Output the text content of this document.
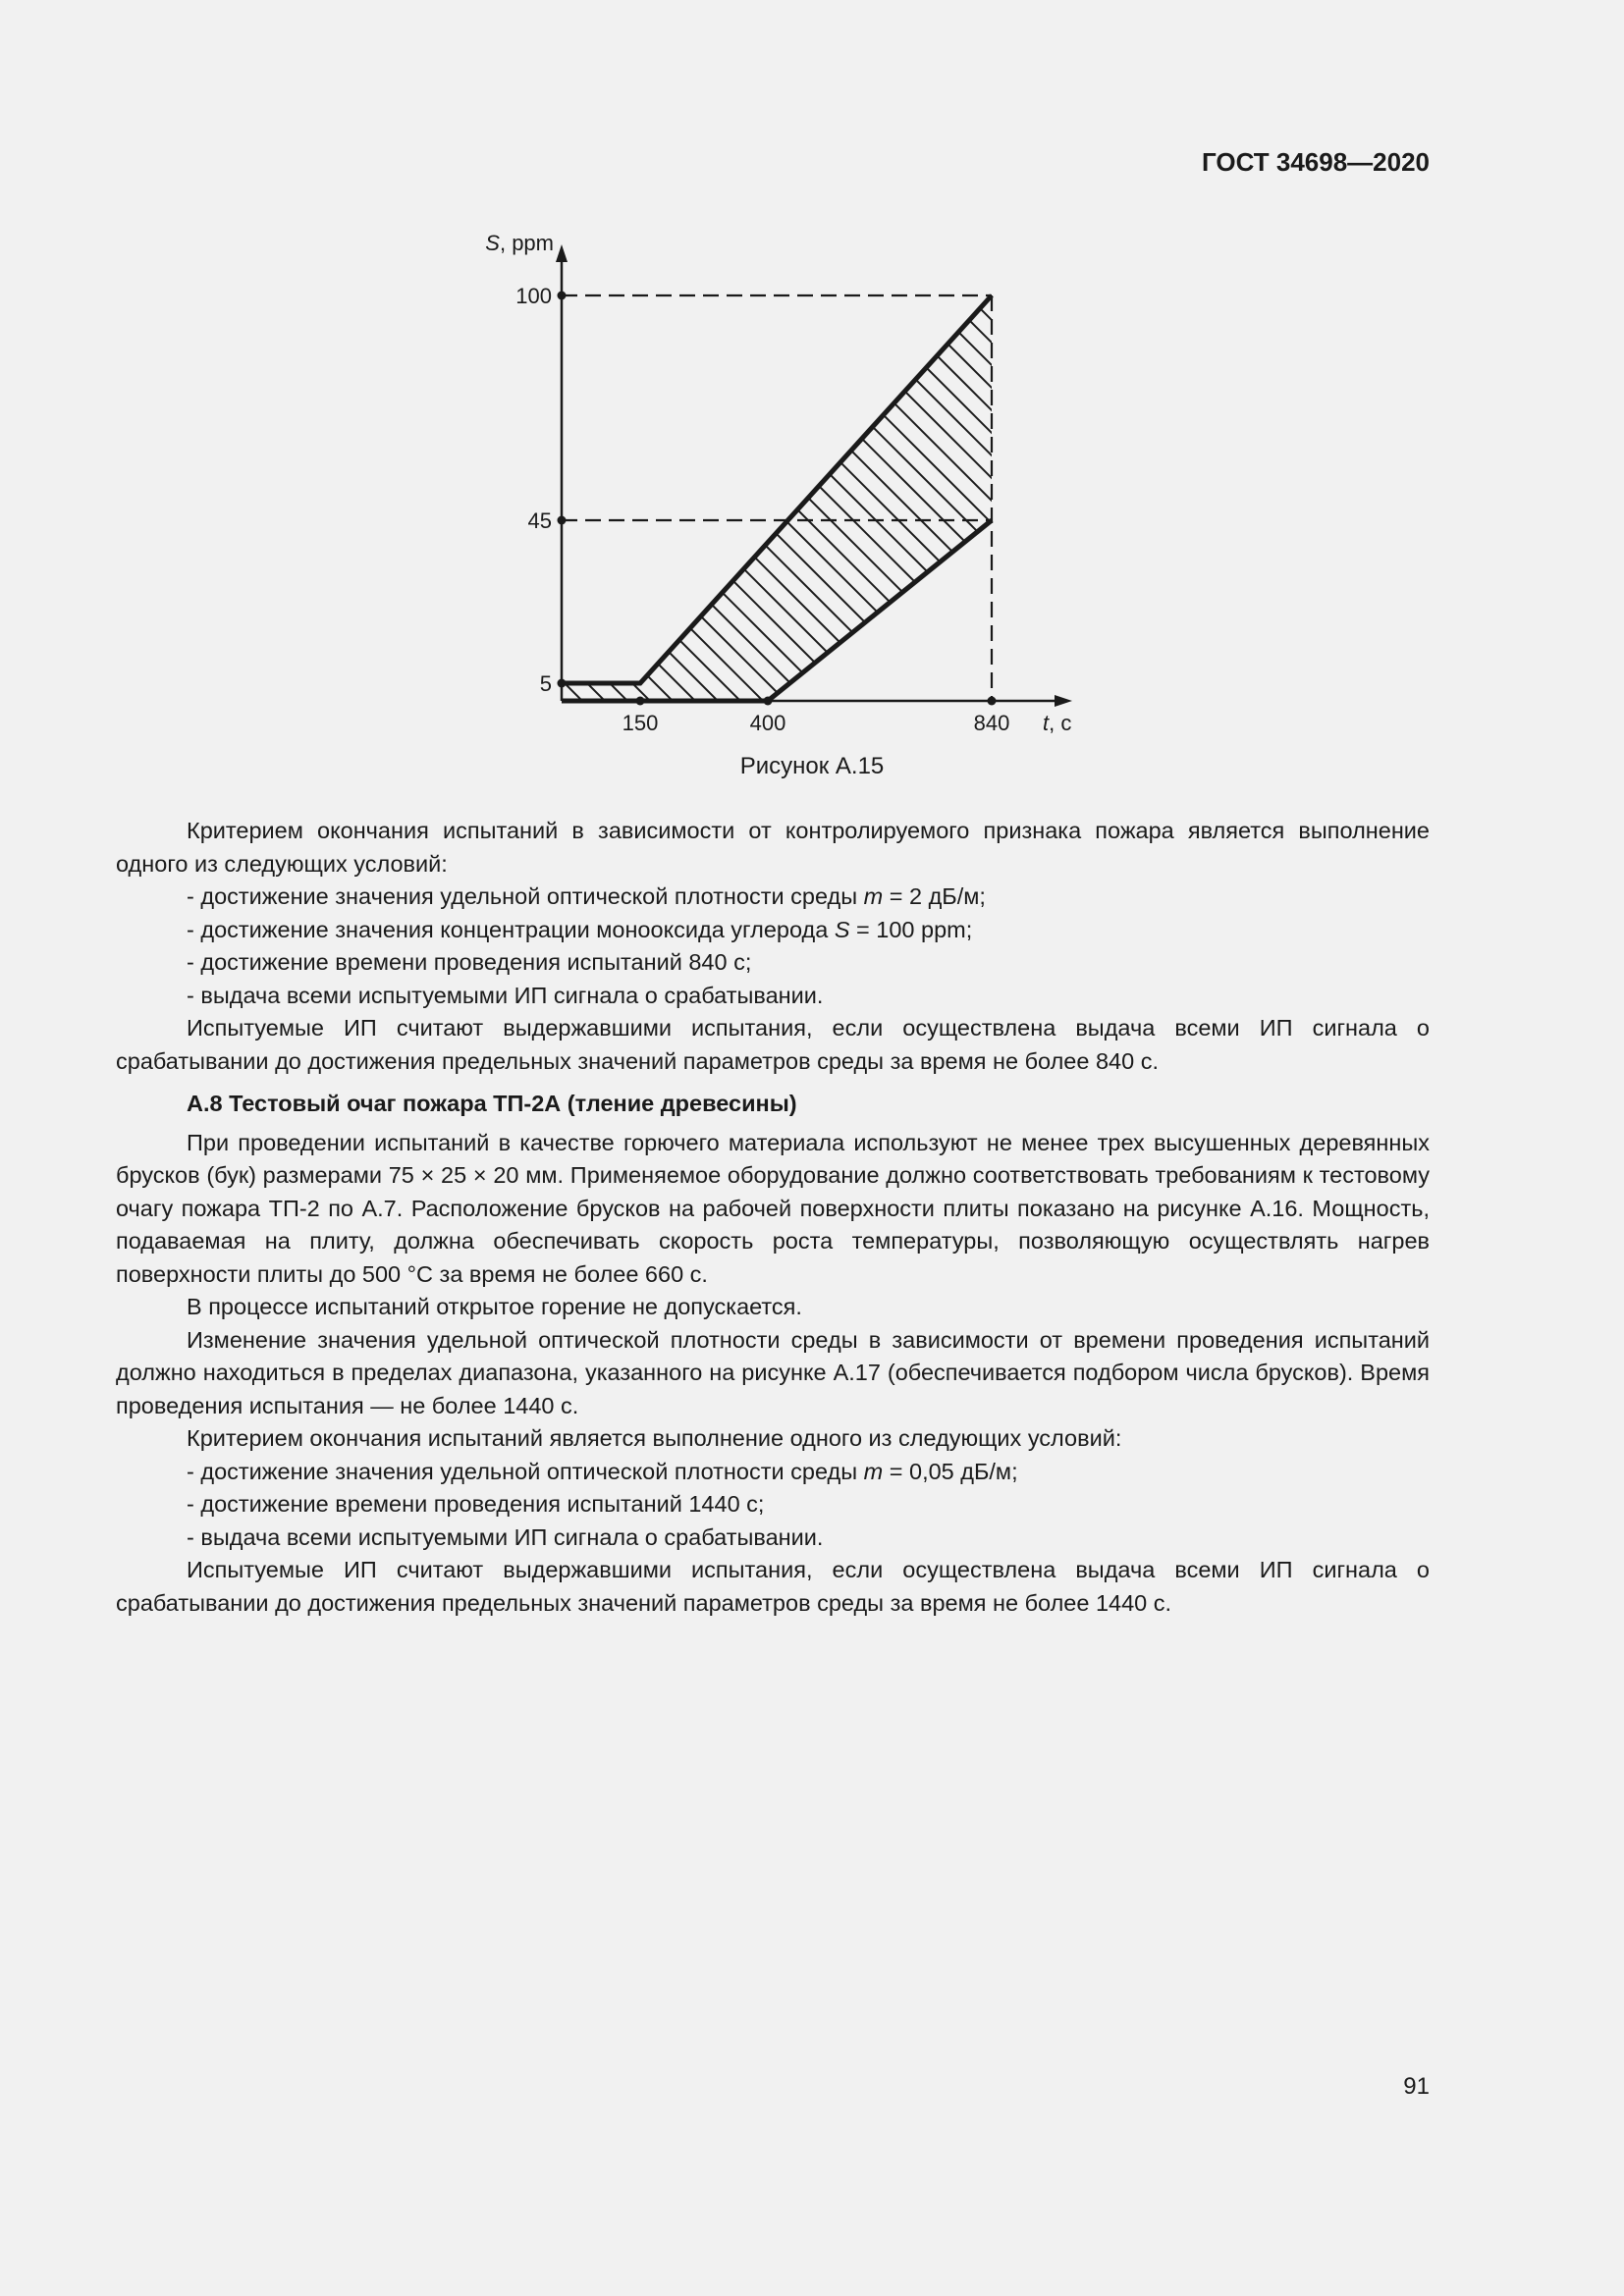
ГОСТ 34698—2020
S, ppm
t, с
100
45
5
150	400	840
Рисунок А.15

Критерием окончания испытаний в зависимости от контролируемого признака пожара является выполнение одного из следующих условий:

- достижение значения удельной оптической плотности среды m = 2 дБ/м;

- достижение значения концентрации монооксида углерода S = 100 ppm;

- достижение времени проведения испытаний 840 с;

- выдача всеми испытуемыми ИП сигнала о срабатывании.

Испытуемые ИП считают выдержавшими испытания, если осуществлена выдача всеми ИП сигнала о срабатывании до достижения предельных значений параметров среды за время не более 840 с.

А.8 Тестовый очаг пожара ТП-2А (тление древесины)

При проведении испытаний в качестве горючего материала используют не менее трех высушенных деревянных брусков (бук) размерами 75 × 25 × 20 мм. Применяемое оборудование должно соответствовать требованиям к тестовому очагу пожара ТП-2 по А.7. Расположение брусков на рабочей поверхности плиты показано на рисунке А.16. Мощность, подаваемая на плиту, должна обеспечивать скорость роста температуры, позволяющую осуществлять нагрев поверхности плиты до 500 °С за время не более 660 с.

В процессе испытаний открытое горение не допускается.

Изменение значения удельной оптической плотности среды в зависимости от времени проведения испытаний должно находиться в пределах диапазона, указанного на рисунке А.17 (обеспечивается подбором числа брусков). Время проведения испытания — не более 1440 с.

Критерием окончания испытаний является выполнение одного из следующих условий:

- достижение значения удельной оптической плотности среды m = 0,05 дБ/м;

- достижение времени проведения испытаний 1440 с;

- выдача всеми испытуемыми ИП сигнала о срабатывании.

Испытуемые ИП считают выдержавшими испытания, если осуществлена выдача всеми ИП сигнала о срабатывании до достижения предельных значений параметров среды за время не более 1440 с.

91
